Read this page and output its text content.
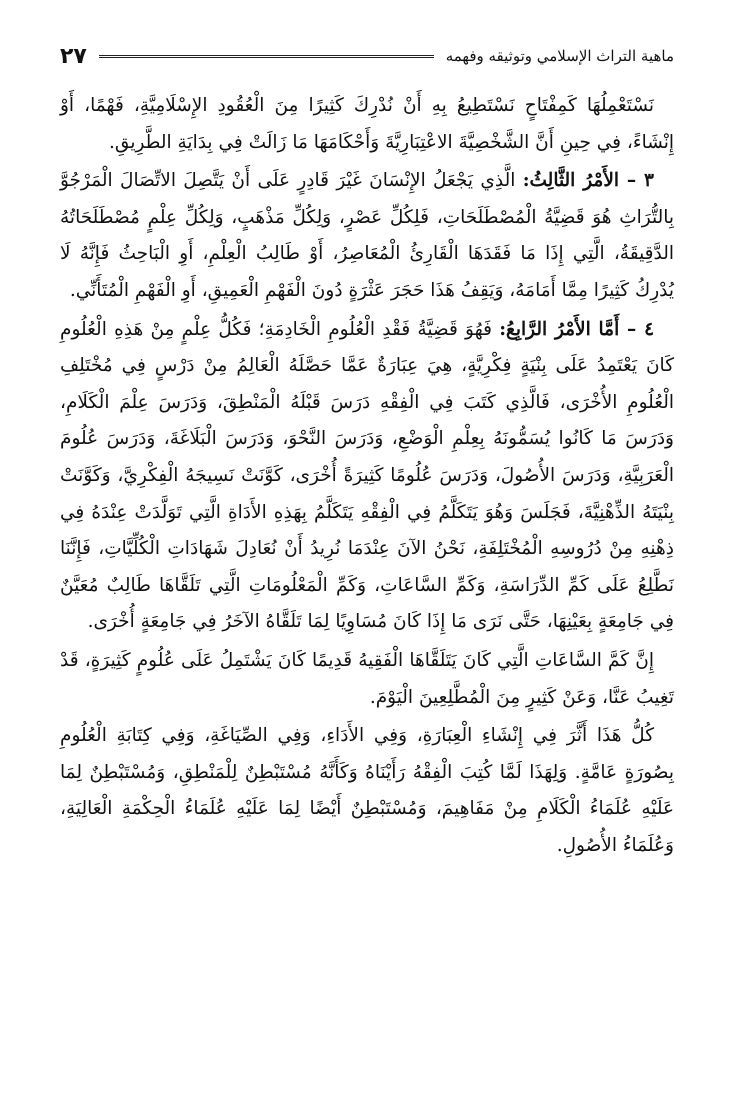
ماهية التراث الإسلامي وتوثيقه وفهمه
٢٧

نَسْتَعْمِلُهَا كَمِفْتَاحٍ نَسْتَطِيعُ بِهِ أَنْ نُدْرِكَ كَثِيرًا مِنَ الْعُقُودِ الإِسْلَامِيَّةِ، فَهْمًا، أَوْ إِنْشَاءً، فِي حِينِ أَنَّ الشَّخْصِيَّةَ الاعْتِبَارِيَّةَ وَأَحْكَامَهَا مَا زَالَتْ فِي بِدَايَةِ الطَّرِيقِ.

٣ – الأَمْرُ الثَّالِثُ: الَّذِي يَجْعَلُ الإِنْسَانَ غَيْرَ قَادِرٍ عَلَى أَنْ يَتَّصِلَ الاتِّصَالَ الْمَرْجُوَّ بِالتُّرَاثِ هُوَ قَضِيَّةُ الْمُصْطَلَحَاتِ، فَلِكُلِّ عَصْرٍ، وَلِكُلِّ مَذْهَبٍ، وَلِكُلِّ عِلْمٍ مُصْطَلَحَاتُهُ الدَّقِيقَةُ، الَّتِي إِذَا مَا فَقَدَهَا الْقَارِئُ الْمُعَاصِرُ، أَوْ طَالِبُ الْعِلْمِ، أَوِ الْبَاحِثُ فَإِنَّهُ لَا يُدْرِكُ كَثِيرًا مِمَّا أَمَامَهُ، وَيَقِفُ هَذَا حَجَرَ عَثْرَةٍ دُونَ الْفَهْمِ الْعَمِيقِ، أَوِ الْفَهْمِ الْمُتَأَنِّي.

٤ – أَمَّا الأَمْرُ الرَّابِعُ: فَهُوَ قَضِيَّةُ فَقْدِ الْعُلُومِ الْخَادِمَةِ؛ فَكُلُّ عِلْمٍ مِنْ هَذِهِ الْعُلُومِ كَانَ يَعْتَمِدُ عَلَى بِنْيَةٍ فِكْرِيَّةٍ، هِيَ عِبَارَةٌ عَمَّا حَصَّلَهُ الْعَالِمُ مِنْ دَرْسٍ فِي مُخْتَلِفِ الْعُلُومِ الأُخْرَى، فَالَّذِي كَتَبَ فِي الْفِقْهِ دَرَسَ قَبْلَهُ الْمَنْطِقَ، وَدَرَسَ عِلْمَ الْكَلَامِ، وَدَرَسَ مَا كَانُوا يُسَمُّونَهُ بِعِلْمِ الْوَضْعِ، وَدَرَسَ النَّحْوَ، وَدَرَسَ الْبَلَاغَةَ، وَدَرَسَ عُلُومَ الْعَرَبِيَّةِ، وَدَرَسَ الأُصُولَ، وَدَرَسَ عُلُومًا كَثِيرَةً أُخْرَى، كَوَّنَتْ نَسِيجَهُ الْفِكْرِيَّ، وَكَوَّنَتْ بِنْيَتَهُ الذِّهْنِيَّةَ، فَجَلَسَ وَهُوَ يَتَكَلَّمُ فِي الْفِقْهِ يَتَكَلَّمُ بِهَذِهِ الأَدَاةِ الَّتِي تَوَلَّدَتْ عِنْدَهُ فِي ذِهْنِهِ مِنْ دُرُوسِهِ الْمُخْتَلِفَةِ، نَحْنُ الآنَ عِنْدَمَا نُرِيدُ أَنْ نُعَادِلَ شَهَادَاتِ الْكُلِّيَّاتِ، فَإِنَّنَا نَطَّلِعُ عَلَى كَمِّ الدِّرَاسَةِ، وَكَمِّ السَّاعَاتِ، وَكَمِّ الْمَعْلُومَاتِ الَّتِي تَلَقَّاهَا طَالِبٌ مُعَيَّنٌ فِي جَامِعَةٍ بِعَيْنِهَا، حَتَّى نَرَى مَا إِذَا كَانَ مُسَاوِيًا لِمَا تَلَقَّاهُ الآخَرُ فِي جَامِعَةٍ أُخْرَى.

إِنَّ كَمَّ السَّاعَاتِ الَّتِي كَانَ يَتَلَقَّاهَا الْفَقِيهُ قَدِيمًا كَانَ يَشْتَمِلُ عَلَى عُلُومٍ كَثِيرَةٍ، قَدْ تَغِيبُ عَنَّا، وَعَنْ كَثِيرٍ مِنَ الْمُطَّلِعِينَ الْيَوْمَ.

كُلُّ هَذَا أَثَّرَ فِي إِنْشَاءِ الْعِبَارَةِ، وَفِي الأَدَاءِ، وَفِي الصِّيَاغَةِ، وَفِي كِتَابَةِ الْعُلُومِ بِصُورَةٍ عَامَّةٍ. وَلِهَذَا لَمَّا كُتِبَ الْفِقْهُ رَأَيْنَاهُ وَكَأَنَّهُ مُسْتَبْطِنٌ لِلْمَنْطِقِ، وَمُسْتَبْطِنٌ لِمَا عَلَيْهِ عُلَمَاءُ الْكَلَامِ مِنْ مَفَاهِيمَ، وَمُسْتَبْطِنٌ أَيْضًا لِمَا عَلَيْهِ عُلَمَاءُ الْحِكْمَةِ الْعَالِيَةِ، وَعُلَمَاءُ الأُصُولِ.
